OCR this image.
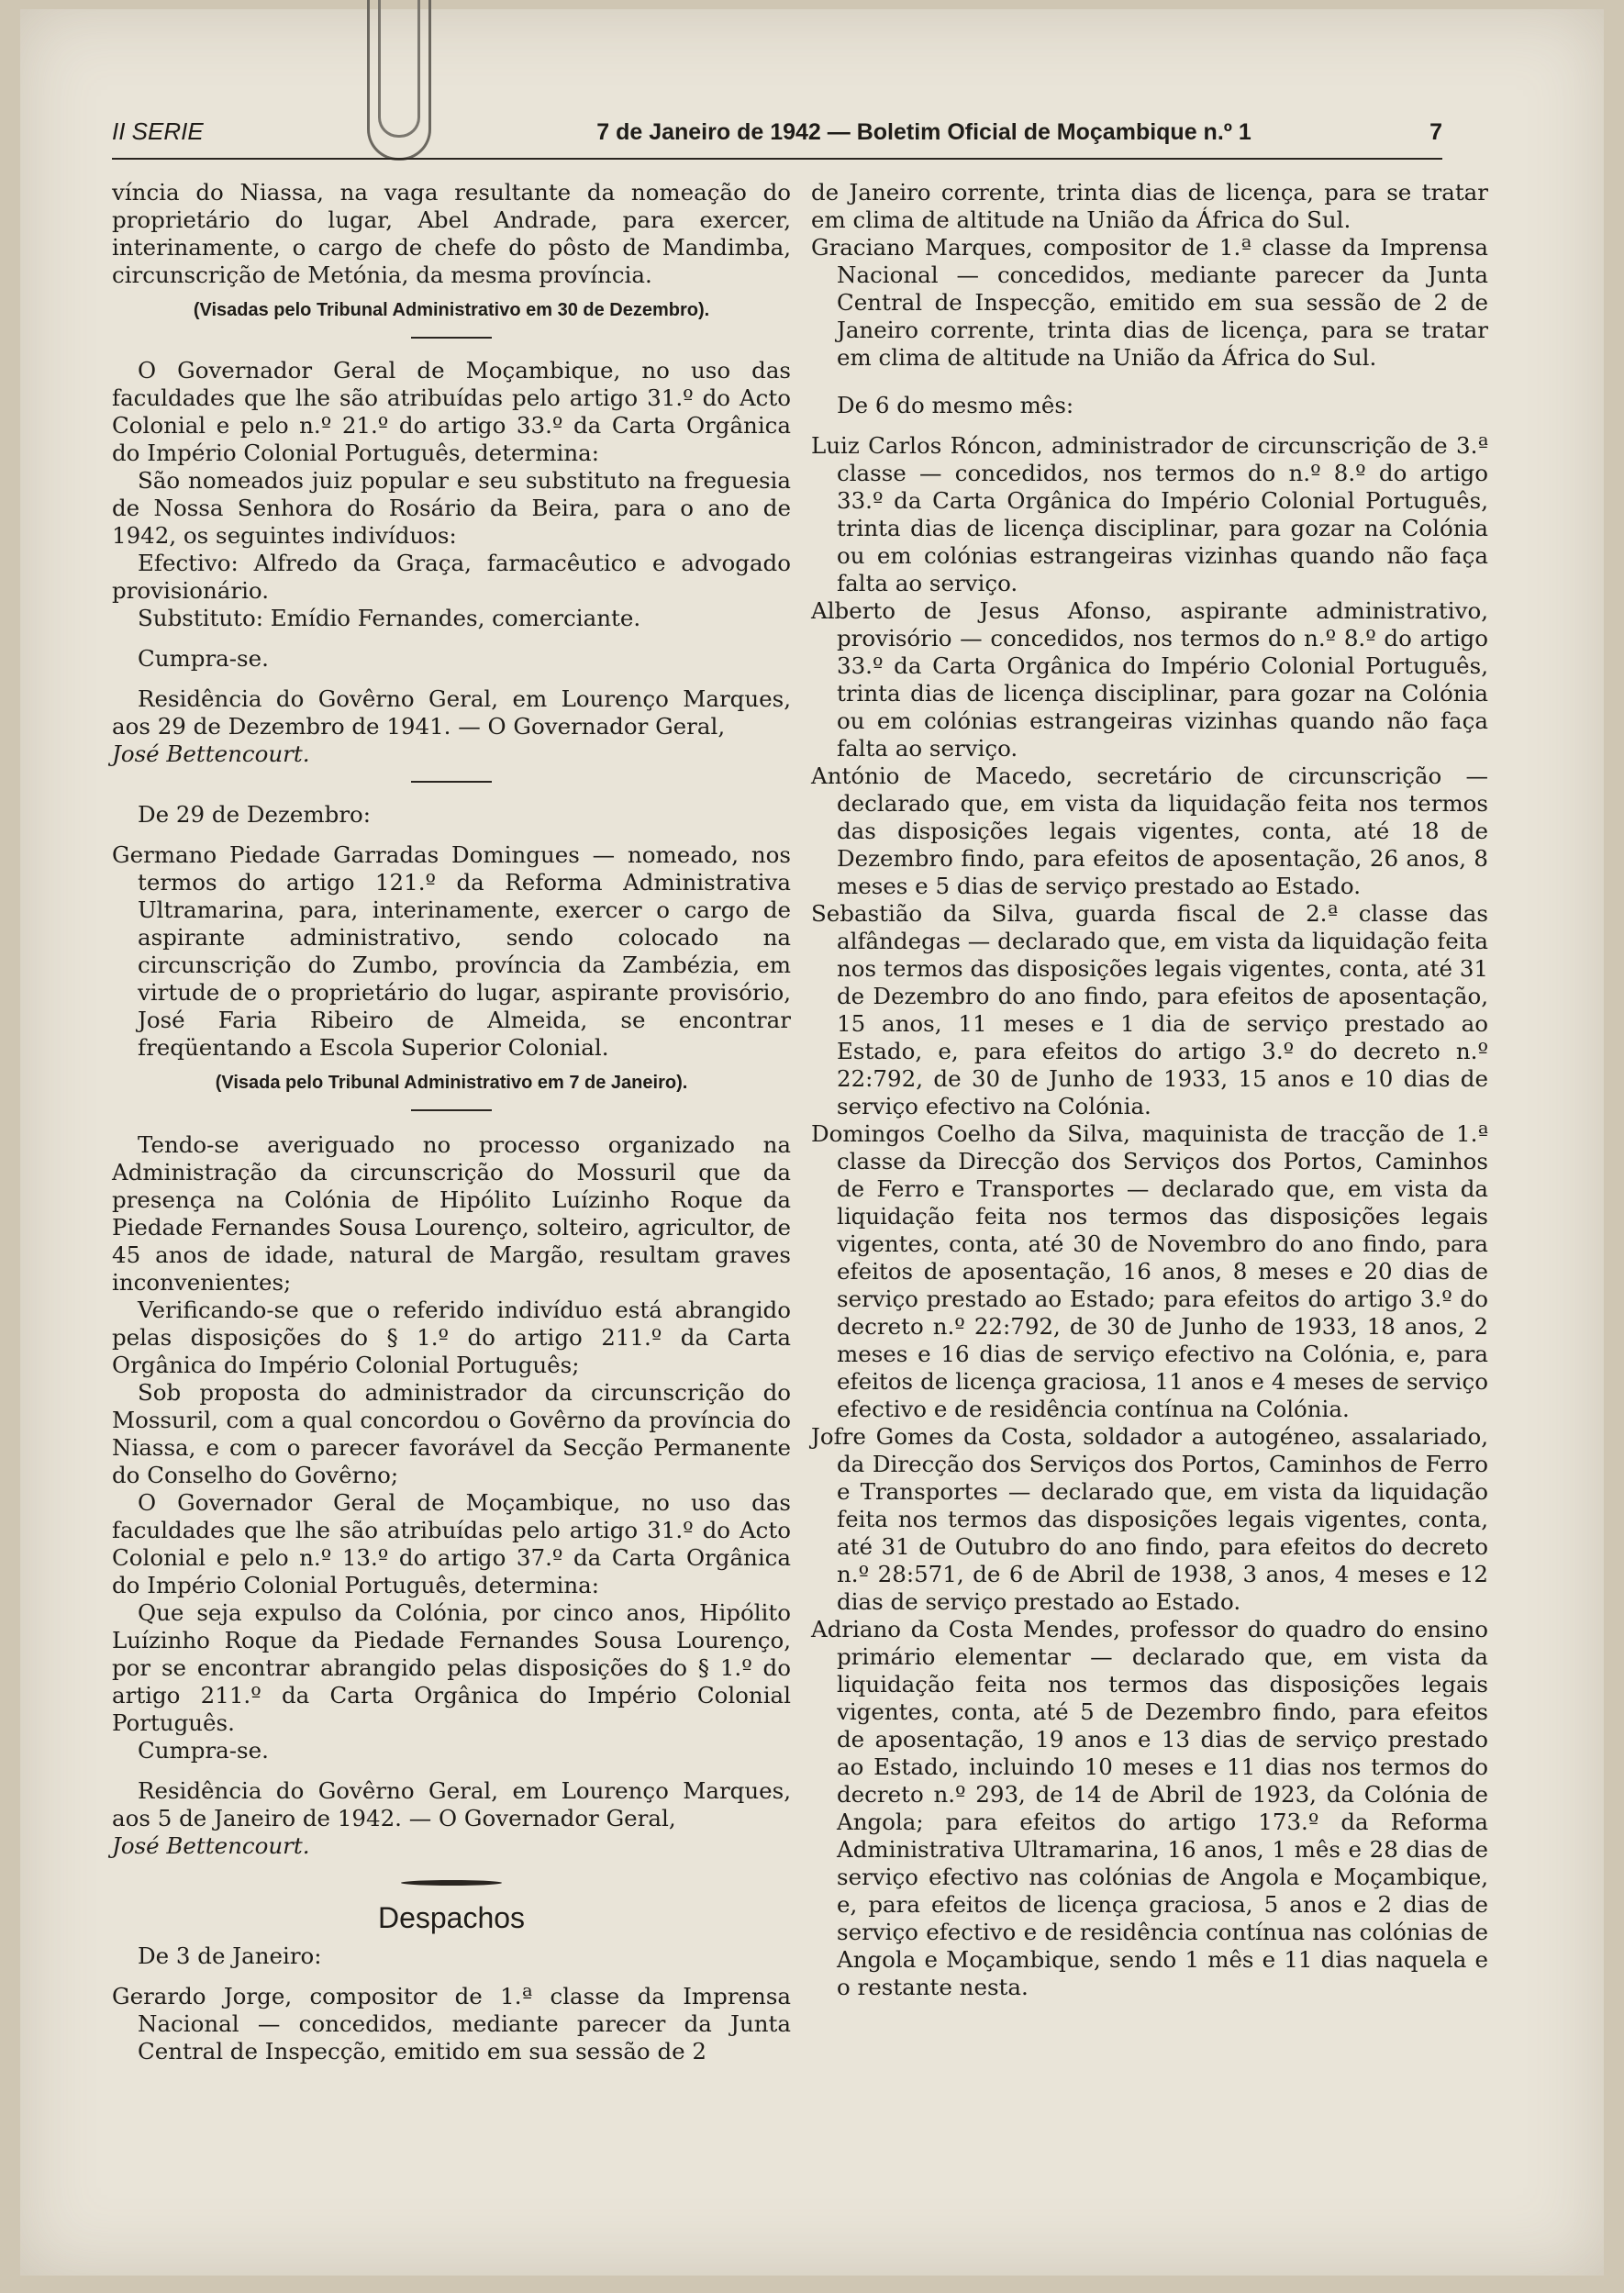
II SERIE	7 de Janeiro de 1942 — Boletim Oficial de Moçambique n.º 1	7

víncia do Niassa, na vaga resultante da nomeação do proprietário do lugar, Abel Andrade, para exercer, interinamente, o cargo de chefe do pôsto de Mandimba, circunscrição de Metónia, da mesma província.

(Visadas pelo Tribunal Administrativo em 30 de Dezembro).

O Governador Geral de Moçambique, no uso das faculdades que lhe são atribuídas pelo artigo 31.º do Acto Colonial e pelo n.º 21.º do artigo 33.º da Carta Orgânica do Império Colonial Português, determina:

São nomeados juiz popular e seu substituto na freguesia de Nossa Senhora do Rosário da Beira, para o ano de 1942, os seguintes indivíduos:

Efectivo: Alfredo da Graça, farmacêutico e advogado provisionário.

Substituto: Emídio Fernandes, comerciante.

Cumpra-se.

Residência do Govêrno Geral, em Lourenço Marques, aos 29 de Dezembro de 1941. — O Governador Geral,

José Bettencourt.

De 29 de Dezembro:

Germano Piedade Garradas Domingues — nomeado, nos termos do artigo 121.º da Reforma Administrativa Ultramarina, para, interinamente, exercer o cargo de aspirante administrativo, sendo colocado na circunscrição do Zumbo, província da Zambézia, em virtude de o proprietário do lugar, aspirante provisório, José Faria Ribeiro de Almeida, se encontrar freqüentando a Escola Superior Colonial.

(Visada pelo Tribunal Administrativo em 7 de Janeiro).

Tendo-se averiguado no processo organizado na Administração da circunscrição do Mossuril que da presença na Colónia de Hipólito Luízinho Roque da Piedade Fernandes Sousa Lourenço, solteiro, agricultor, de 45 anos de idade, natural de Margão, resultam graves inconvenientes;

Verificando-se que o referido indivíduo está abrangido pelas disposições do § 1.º do artigo 211.º da Carta Orgânica do Império Colonial Português;

Sob proposta do administrador da circunscrição do Mossuril, com a qual concordou o Govêrno da província do Niassa, e com o parecer favorável da Secção Permanente do Conselho do Govêrno;

O Governador Geral de Moçambique, no uso das faculdades que lhe são atribuídas pelo artigo 31.º do Acto Colonial e pelo n.º 13.º do artigo 37.º da Carta Orgânica do Império Colonial Português, determina:

Que seja expulso da Colónia, por cinco anos, Hipólito Luízinho Roque da Piedade Fernandes Sousa Lourenço, por se encontrar abrangido pelas disposições do § 1.º do artigo 211.º da Carta Orgânica do Império Colonial Português.

Cumpra-se.

Residência do Govêrno Geral, em Lourenço Marques, aos 5 de Janeiro de 1942. — O Governador Geral,

José Bettencourt.

Despachos

De 3 de Janeiro:

Gerardo Jorge, compositor de 1.ª classe da Imprensa Nacional — concedidos, mediante parecer da Junta Central de Inspecção, emitido em sua sessão de 2

de Janeiro corrente, trinta dias de licença, para se tratar em clima de altitude na União da África do Sul.

Graciano Marques, compositor de 1.ª classe da Imprensa Nacional — concedidos, mediante parecer da Junta Central de Inspecção, emitido em sua sessão de 2 de Janeiro corrente, trinta dias de licença, para se tratar em clima de altitude na União da África do Sul.

De 6 do mesmo mês:

Luiz Carlos Róncon, administrador de circunscrição de 3.ª classe — concedidos, nos termos do n.º 8.º do artigo 33.º da Carta Orgânica do Império Colonial Português, trinta dias de licença disciplinar, para gozar na Colónia ou em colónias estrangeiras vizinhas quando não faça falta ao serviço.

Alberto de Jesus Afonso, aspirante administrativo, provisório — concedidos, nos termos do n.º 8.º do artigo 33.º da Carta Orgânica do Império Colonial Português, trinta dias de licença disciplinar, para gozar na Colónia ou em colónias estrangeiras vizinhas quando não faça falta ao serviço.

António de Macedo, secretário de circunscrição — declarado que, em vista da liquidação feita nos termos das disposições legais vigentes, conta, até 18 de Dezembro findo, para efeitos de aposentação, 26 anos, 8 meses e 5 dias de serviço prestado ao Estado.

Sebastião da Silva, guarda fiscal de 2.ª classe das alfândegas — declarado que, em vista da liquidação feita nos termos das disposições legais vigentes, conta, até 31 de Dezembro do ano findo, para efeitos de aposentação, 15 anos, 11 meses e 1 dia de serviço prestado ao Estado, e, para efeitos do artigo 3.º do decreto n.º 22:792, de 30 de Junho de 1933, 15 anos e 10 dias de serviço efectivo na Colónia.

Domingos Coelho da Silva, maquinista de tracção de 1.ª classe da Direcção dos Serviços dos Portos, Caminhos de Ferro e Transportes — declarado que, em vista da liquidação feita nos termos das disposições legais vigentes, conta, até 30 de Novembro do ano findo, para efeitos de aposentação, 16 anos, 8 meses e 20 dias de serviço prestado ao Estado; para efeitos do artigo 3.º do decreto n.º 22:792, de 30 de Junho de 1933, 18 anos, 2 meses e 16 dias de serviço efectivo na Colónia, e, para efeitos de licença graciosa, 11 anos e 4 meses de serviço efectivo e de residência contínua na Colónia.

Jofre Gomes da Costa, soldador a autogéneo, assalariado, da Direcção dos Serviços dos Portos, Caminhos de Ferro e Transportes — declarado que, em vista da liquidação feita nos termos das disposições legais vigentes, conta, até 31 de Outubro do ano findo, para efeitos do decreto n.º 28:571, de 6 de Abril de 1938, 3 anos, 4 meses e 12 dias de serviço prestado ao Estado.

Adriano da Costa Mendes, professor do quadro do ensino primário elementar — declarado que, em vista da liquidação feita nos termos das disposições legais vigentes, conta, até 5 de Dezembro findo, para efeitos de aposentação, 19 anos e 13 dias de serviço prestado ao Estado, incluindo 10 meses e 11 dias nos termos do decreto n.º 293, de 14 de Abril de 1923, da Colónia de Angola; para efeitos do artigo 173.º da Reforma Administrativa Ultramarina, 16 anos, 1 mês e 28 dias de serviço efectivo nas colónias de Angola e Moçambique, e, para efeitos de licença graciosa, 5 anos e 2 dias de serviço efectivo e de residência contínua nas colónias de Angola e Moçambique, sendo 1 mês e 11 dias naquela e o restante nesta.
